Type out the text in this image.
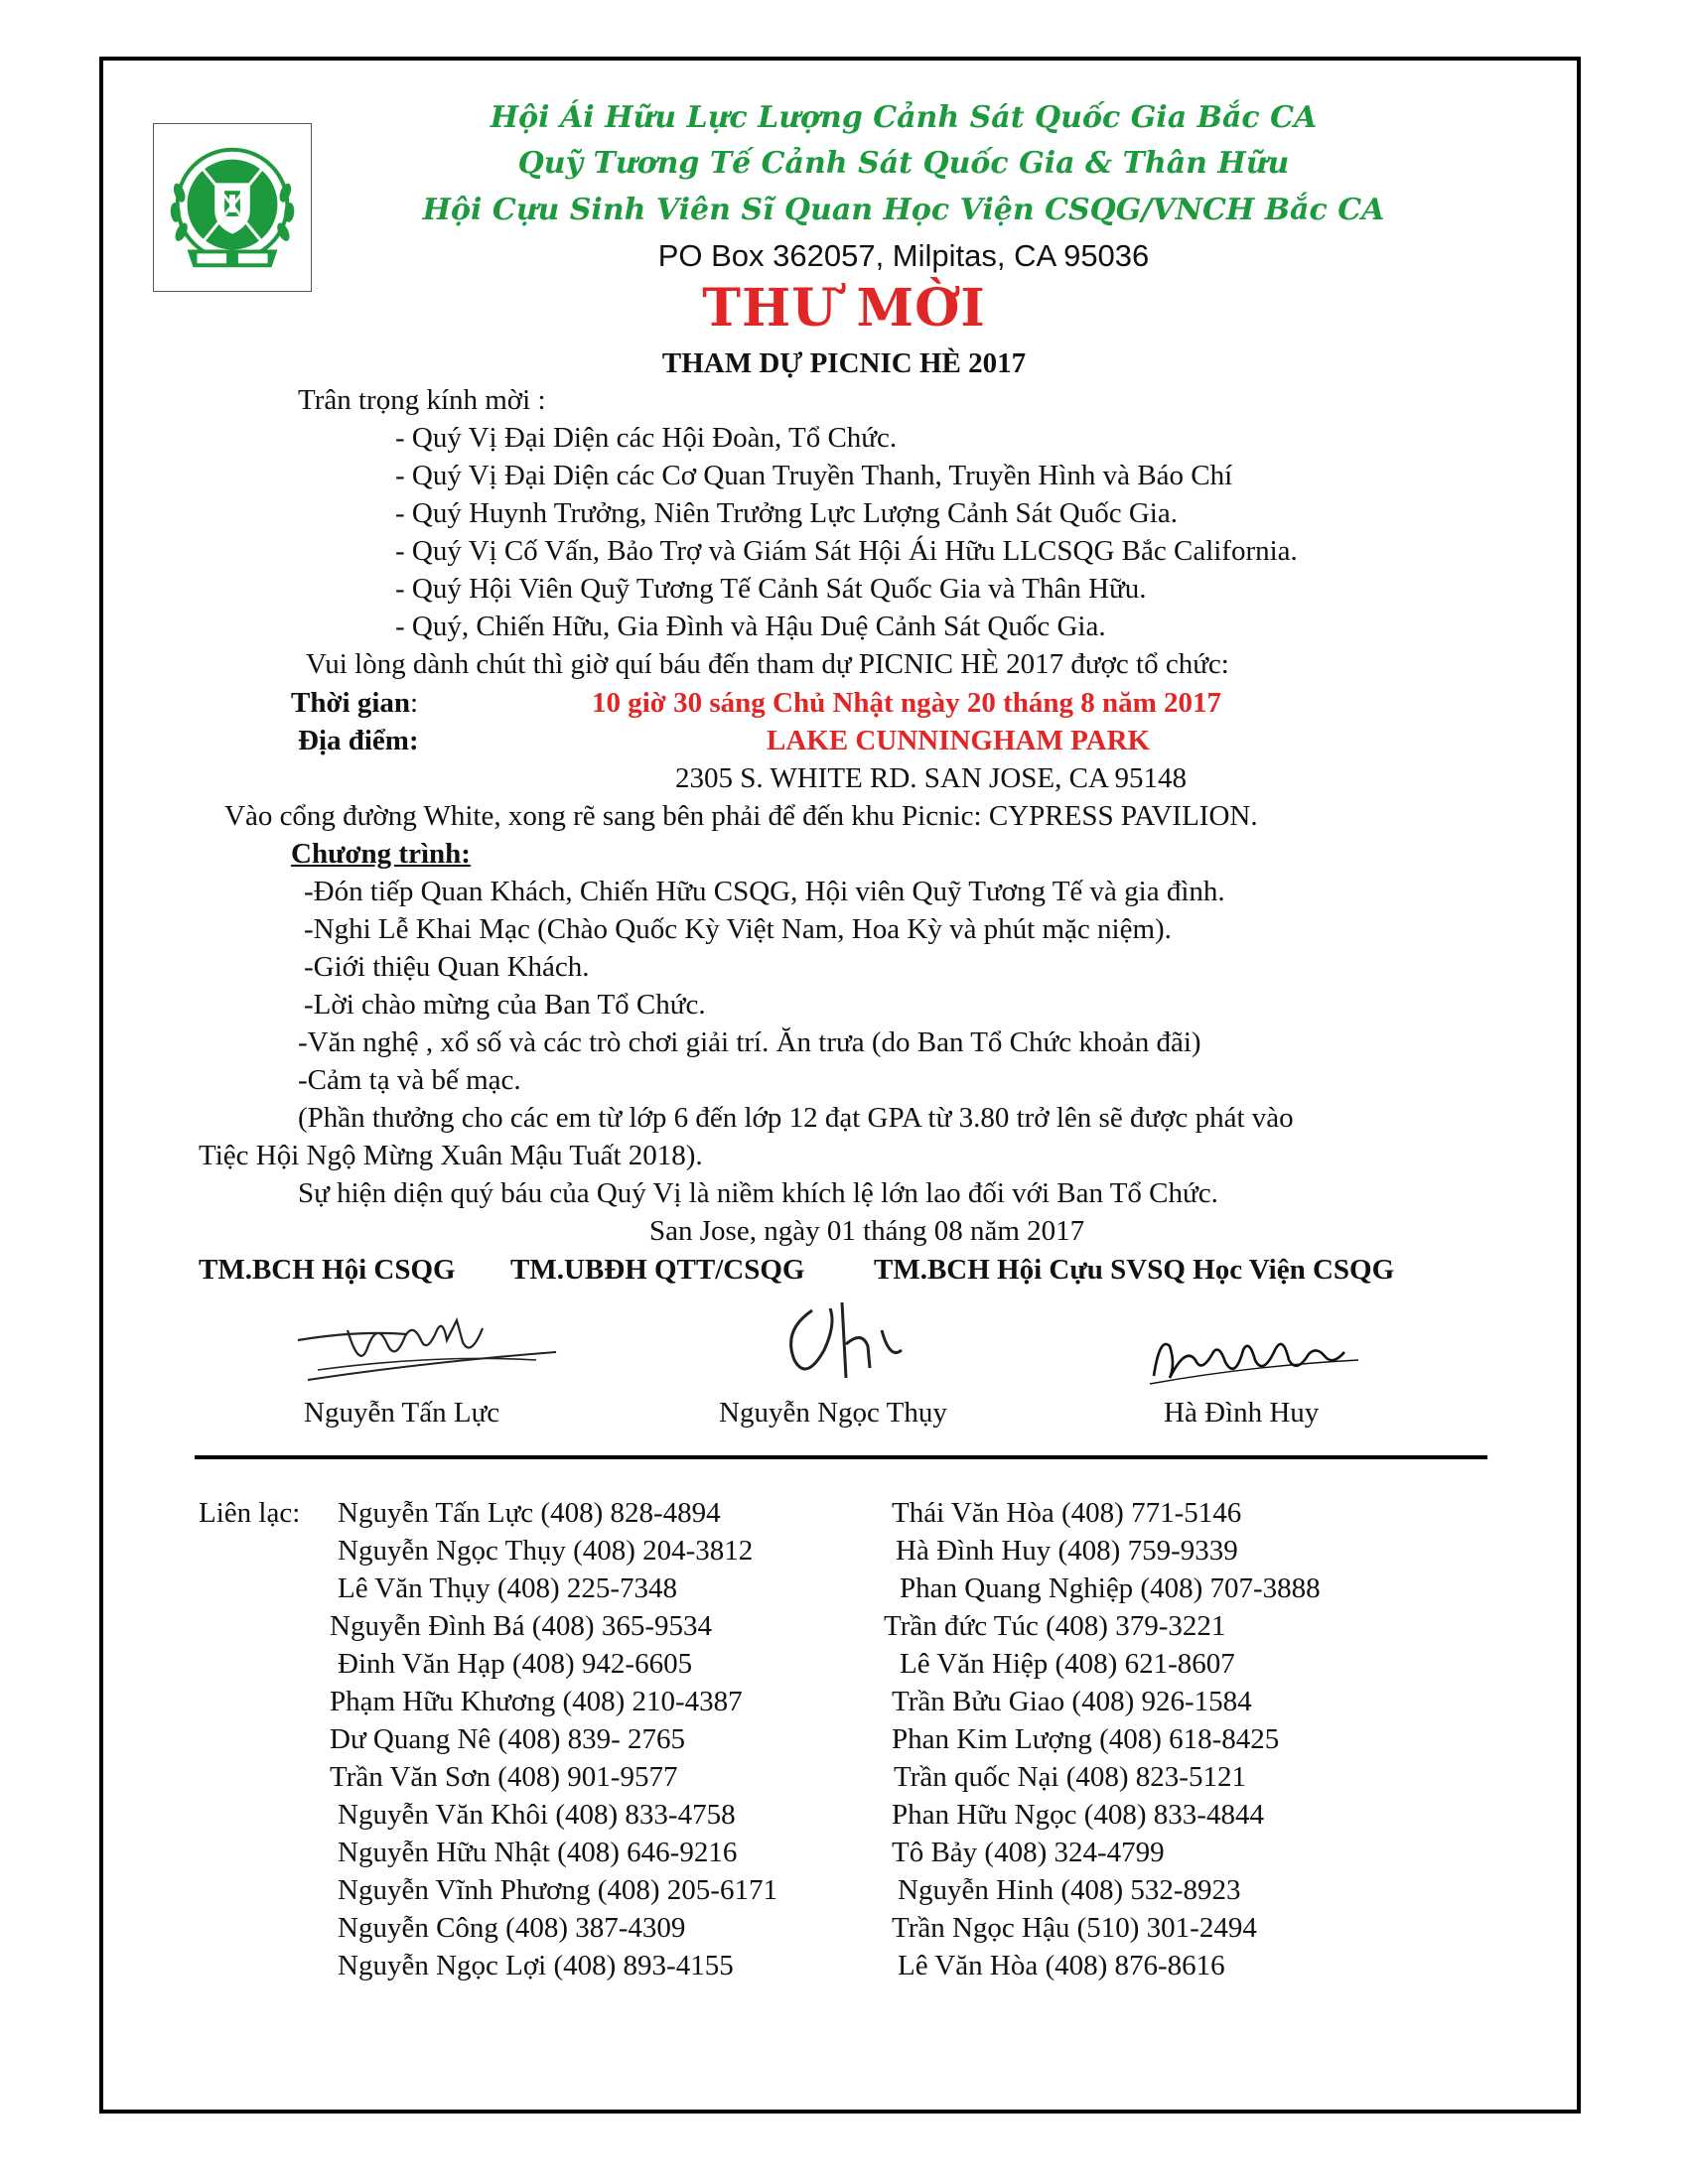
Hội Ái Hữu Lực Lượng Cảnh Sát Quốc Gia Bắc CA
Quỹ Tương Tế Cảnh Sát Quốc Gia & Thân Hữu
Hội Cựu Sinh Viên Sĩ Quan Học Viện CSQG/VNCH Bắc CA
PO Box 362057, Milpitas, CA 95036
THƯ MỜI
THAM DỰ PICNIC HÈ 2017
Trân trọng kính mời :
- Quý Vị Đại Diện các Hội Đoàn, Tổ Chức.
- Quý Vị Đại Diện các Cơ Quan Truyền Thanh, Truyền Hình và Báo Chí
- Quý Huynh Trưởng, Niên Trưởng Lực Lượng Cảnh Sát Quốc Gia.
- Quý Vị Cố Vấn, Bảo Trợ và Giám Sát Hội Ái Hữu LLCSQG Bắc California.
- Quý Hội Viên Quỹ Tương Tế Cảnh Sát Quốc Gia và Thân Hữu.
- Quý, Chiến Hữu, Gia Đình và Hậu Duệ Cảnh Sát Quốc Gia.
Vui lòng dành chút thì giờ quí báu đến tham dự PICNIC HÈ 2017 được tổ chức:
Thời gian:	10 giờ 30 sáng Chủ Nhật ngày 20 tháng 8 năm 2017
Địa điểm:	LAKE CUNNINGHAM PARK
2305 S. WHITE RD. SAN JOSE, CA 95148
Vào cổng đường White, xong rẽ sang bên phải để đến khu Picnic: CYPRESS PAVILION.
Chương trình:
-Đón tiếp Quan Khách, Chiến Hữu CSQG, Hội viên Quỹ Tương Tế và gia đình.
-Nghi Lễ Khai Mạc (Chào Quốc Kỳ Việt Nam, Hoa Kỳ và phút mặc niệm).
-Giới thiệu Quan Khách.
-Lời chào mừng của Ban Tổ Chức.
-Văn nghệ , xổ số và các trò chơi giải trí. Ăn trưa (do Ban Tổ Chức khoản đãi)
-Cảm tạ và bế mạc.
(Phần thưởng cho các em từ lớp 6 đến lớp 12 đạt GPA từ 3.80 trở lên sẽ được phát vào
Tiệc Hội Ngộ Mừng Xuân Mậu Tuất 2018).
Sự hiện diện quý báu của Quý Vị là niềm khích lệ lớn lao đối với Ban Tổ Chức.
San Jose, ngày 01 tháng 08 năm 2017
TM.BCH Hội CSQG TM.UBĐH QTT/CSQG TM.BCH Hội Cựu SVSQ Học Viện CSQG
Nguyễn Tấn Lực	Nguyễn Ngọc Thụy	Hà Đình Huy
Liên lạc: Nguyễn Tấn Lực (408) 828-4894
Nguyễn Ngọc Thụy (408) 204-3812
Lê Văn Thụy (408) 225-7348
Nguyễn Đình Bá (408) 365-9534
Đinh Văn Hạp (408) 942-6605
Phạm Hữu Khương (408) 210-4387
Dư Quang Nê (408) 839- 2765
Trần Văn Sơn (408) 901-9577
Nguyễn Văn Khôi (408) 833-4758
Nguyễn Hữu Nhật (408) 646-9216
Nguyễn Vĩnh Phương (408) 205-6171
Nguyễn Công (408) 387-4309
Nguyễn Ngọc Lợi (408) 893-4155
Thái Văn Hòa (408) 771-5146
Hà Đình Huy (408) 759-9339
Phan Quang Nghiệp (408) 707-3888
Trần đức Túc (408) 379-3221
Lê Văn Hiệp (408) 621-8607
Trần Bửu Giao (408) 926-1584
Phan Kim Lượng (408) 618-8425
Trần quốc Nại (408) 823-5121
Phan Hữu Ngọc (408) 833-4844
Tô Bảy (408) 324-4799
Nguyễn Hinh (408) 532-8923
Trần Ngọc Hậu (510) 301-2494
Lê Văn Hòa (408) 876-8616
